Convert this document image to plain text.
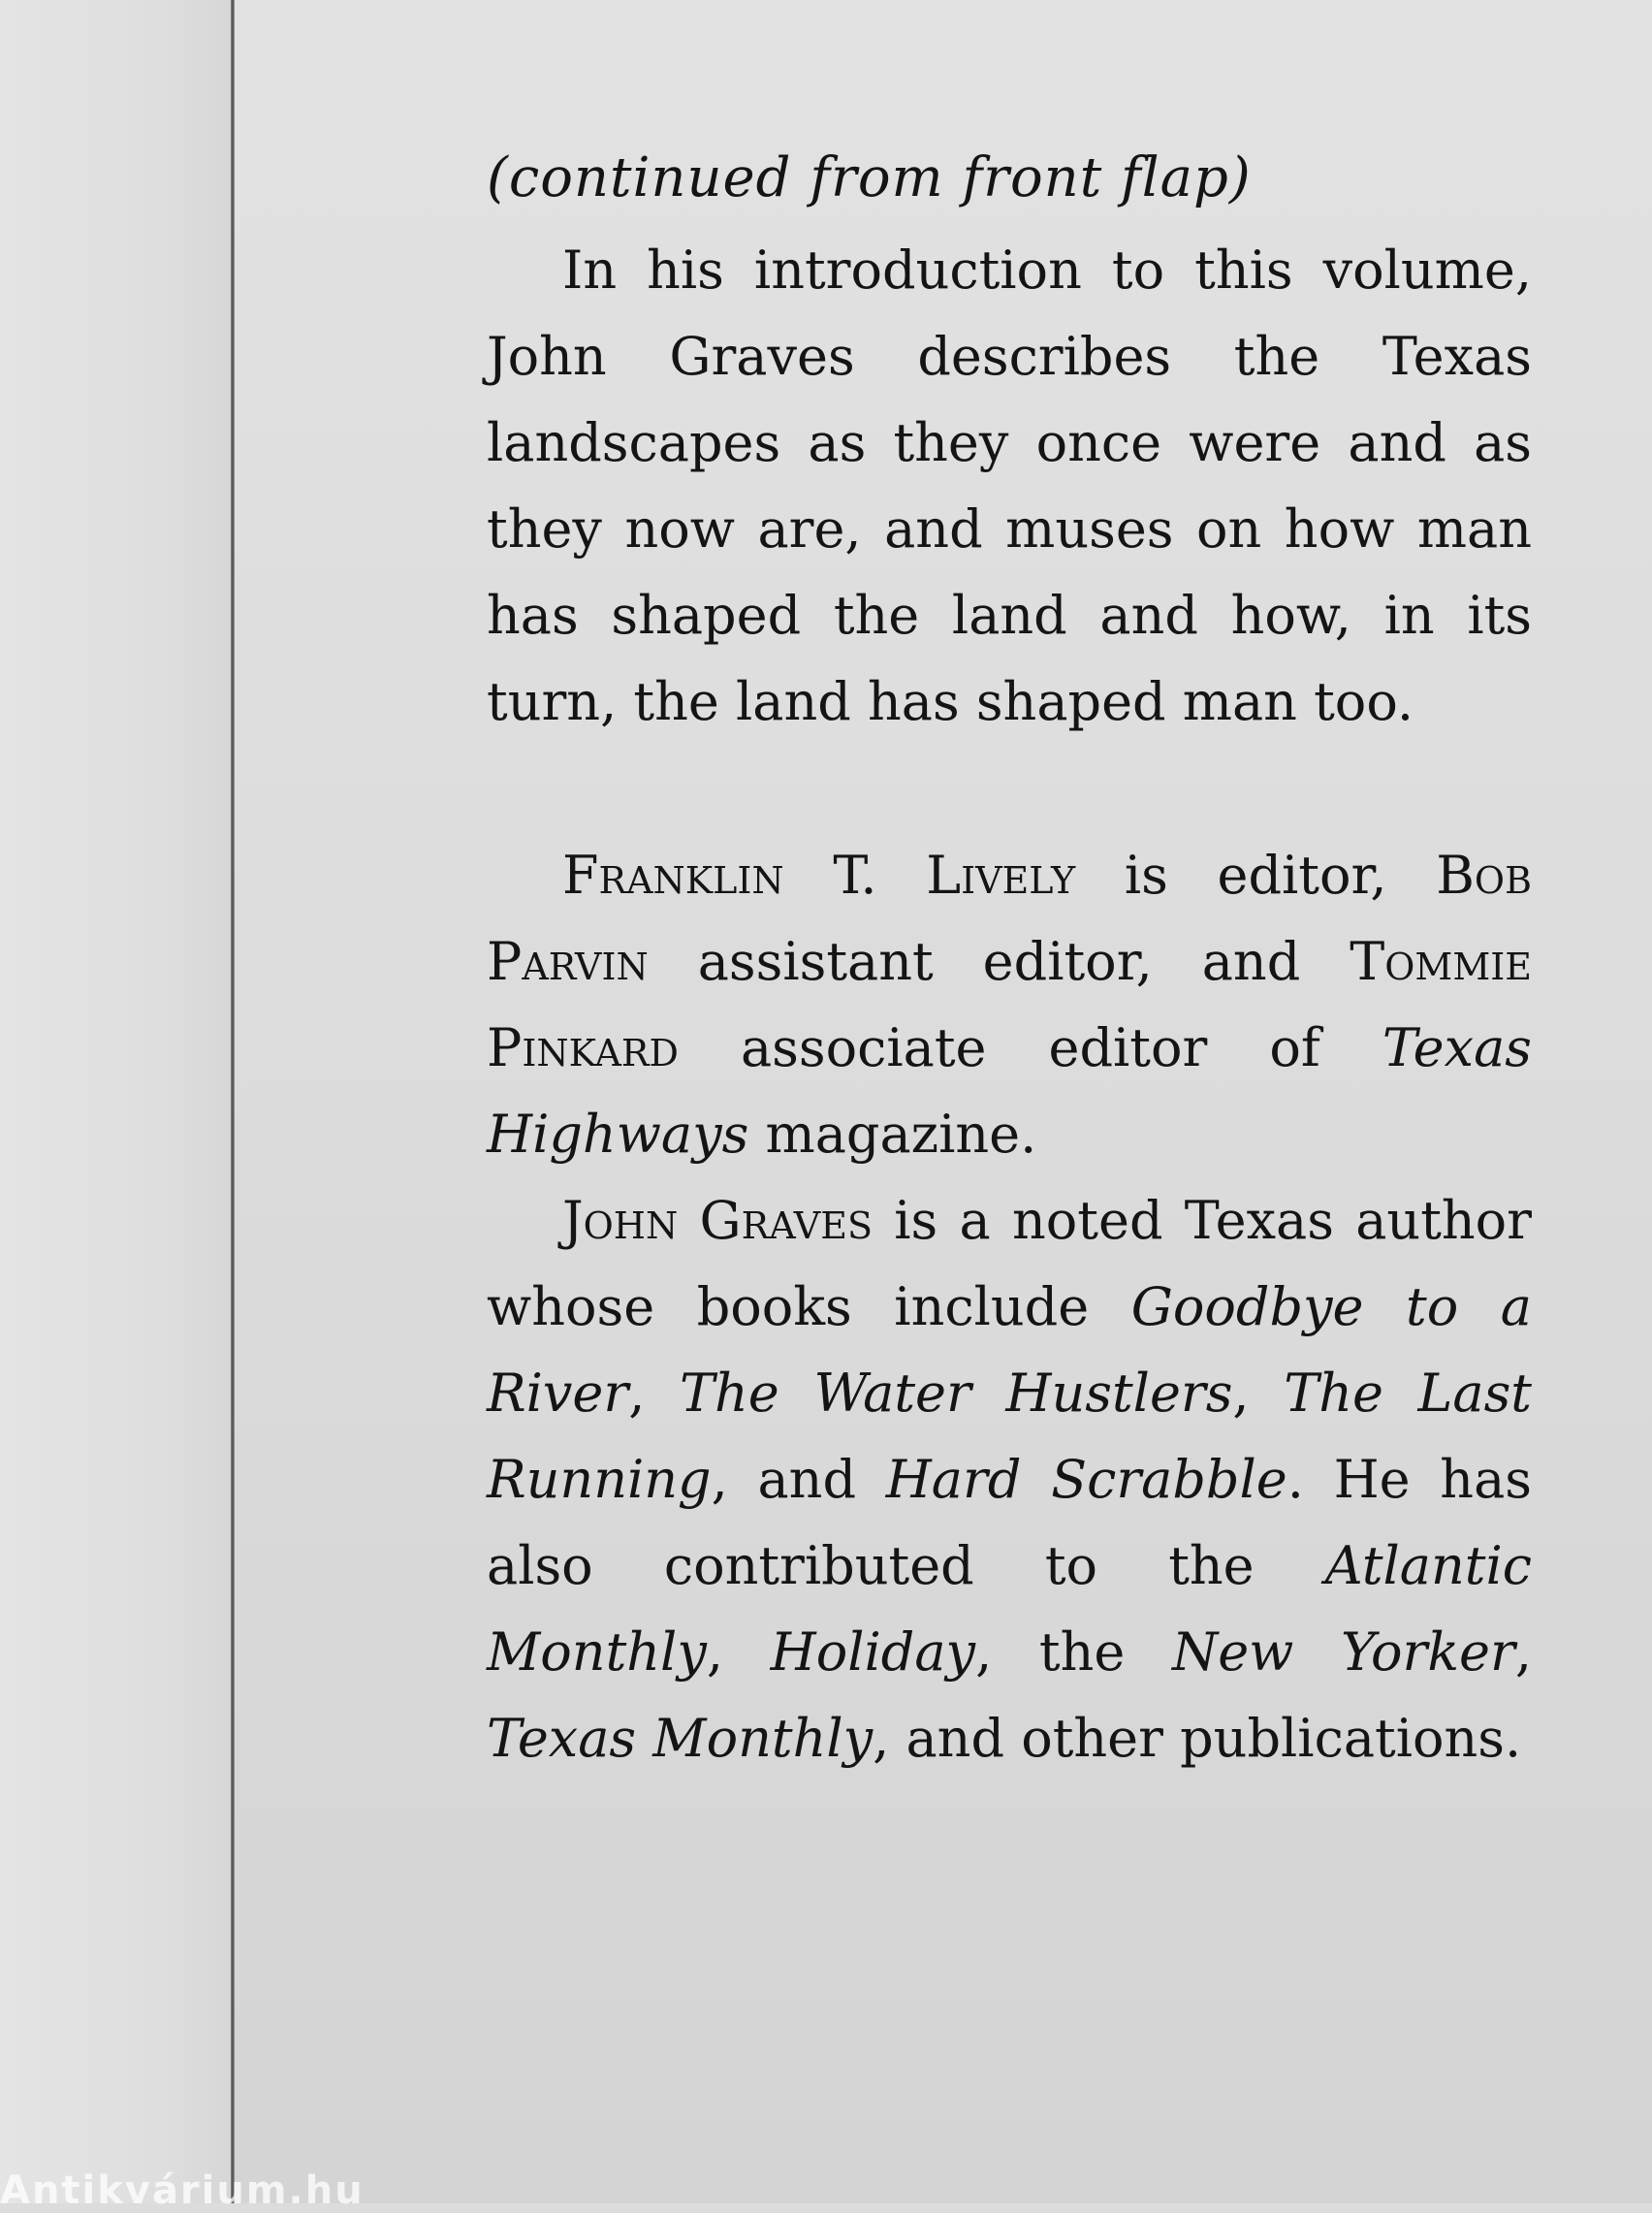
(continued from front flap)

In his introduction to this volume, John Graves describes the Texas landscapes as they once were and as they now are, and muses on how man has shaped the land and how, in its turn, the land has shaped man too.

Franklin T. Lively is editor, Bob Parvin assistant editor, and Tommie Pinkard associate editor of Texas Highways magazine.

John Graves is a noted Texas author whose books include Goodbye to a River, The Water Hustlers, The Last Running, and Hard Scrabble. He has also contributed to the Atlantic Monthly, Holiday, the New Yorker, Texas Monthly, and other publications.

Antikvárium.hu
